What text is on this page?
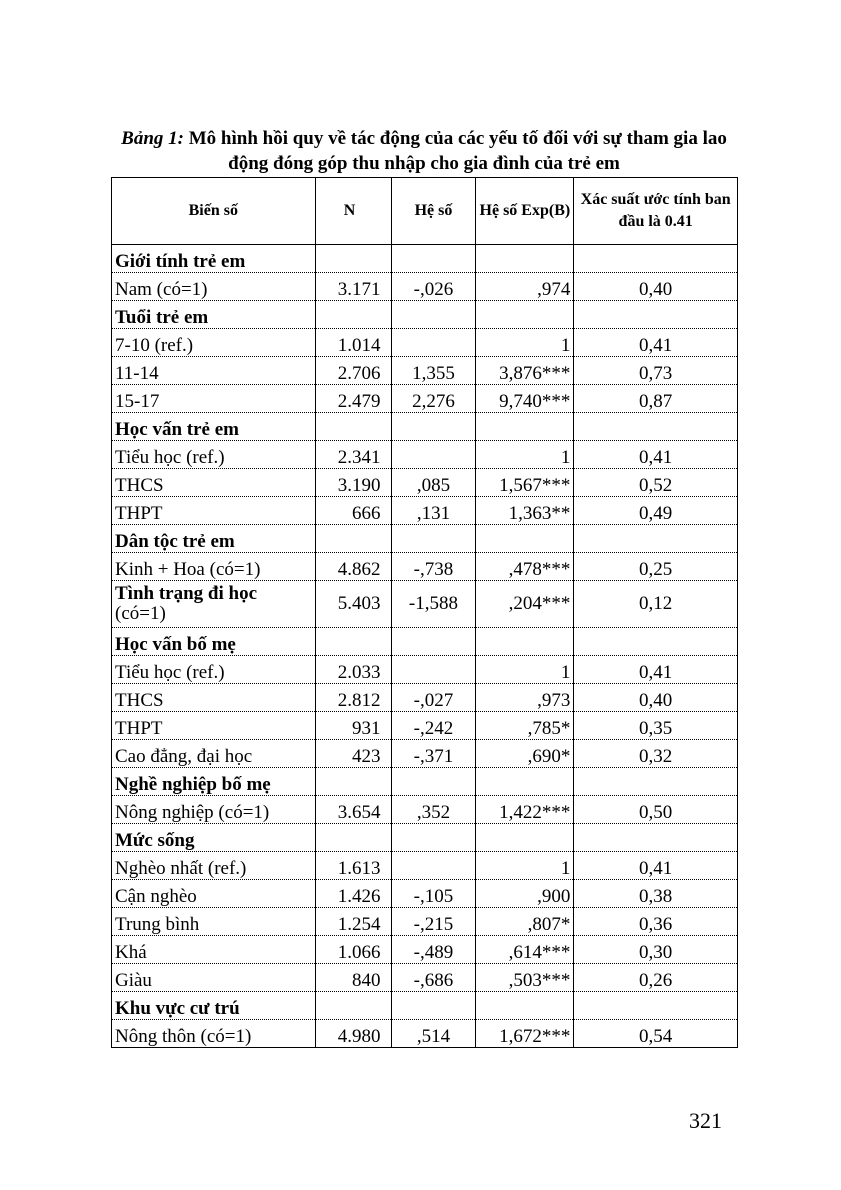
Bảng 1: Mô hình hồi quy về tác động của các yếu tố đối với sự tham gia lao động đóng góp thu nhập cho gia đình của trẻ em
Biến số	N	Hệ số	Hệ số Exp(B)	Xác suất ước tính ban đầu là 0.41
Giới tính trẻ em				
Nam (có=1)	3.171	-,026	,974	0,40
Tuổi trẻ em				
7-10 (ref.)	1.014		1	0,41
11-14	2.706	1,355	3,876***	0,73
15-17	2.479	2,276	9,740***	0,87
Học vấn trẻ em				
Tiểu học (ref.)	2.341		1	0,41
THCS	3.190	,085	1,567***	0,52
THPT	666	,131	1,363**	0,49
Dân tộc trẻ em				
Kinh + Hoa (có=1)	4.862	-,738	,478***	0,25
Tình trạng đi học
(có=1)	5.403	-1,588	,204***	0,12
Học vấn bố mẹ				
Tiểu học (ref.)	2.033		1	0,41
THCS	2.812	-,027	,973	0,40
THPT	931	-,242	,785*	0,35
Cao đẳng, đại học	423	-,371	,690*	0,32
Nghề nghiệp bố mẹ				
Nông nghiệp (có=1)	3.654	,352	1,422***	0,50
Mức sống				
Nghèo nhất (ref.)	1.613		1	0,41
Cận nghèo	1.426	-,105	,900	0,38
Trung bình	1.254	-,215	,807*	0,36
Khá	1.066	-,489	,614***	0,30
Giàu	840	-,686	,503***	0,26
Khu vực cư trú				
Nông thôn (có=1)	4.980	,514	1,672***	0,54
321
